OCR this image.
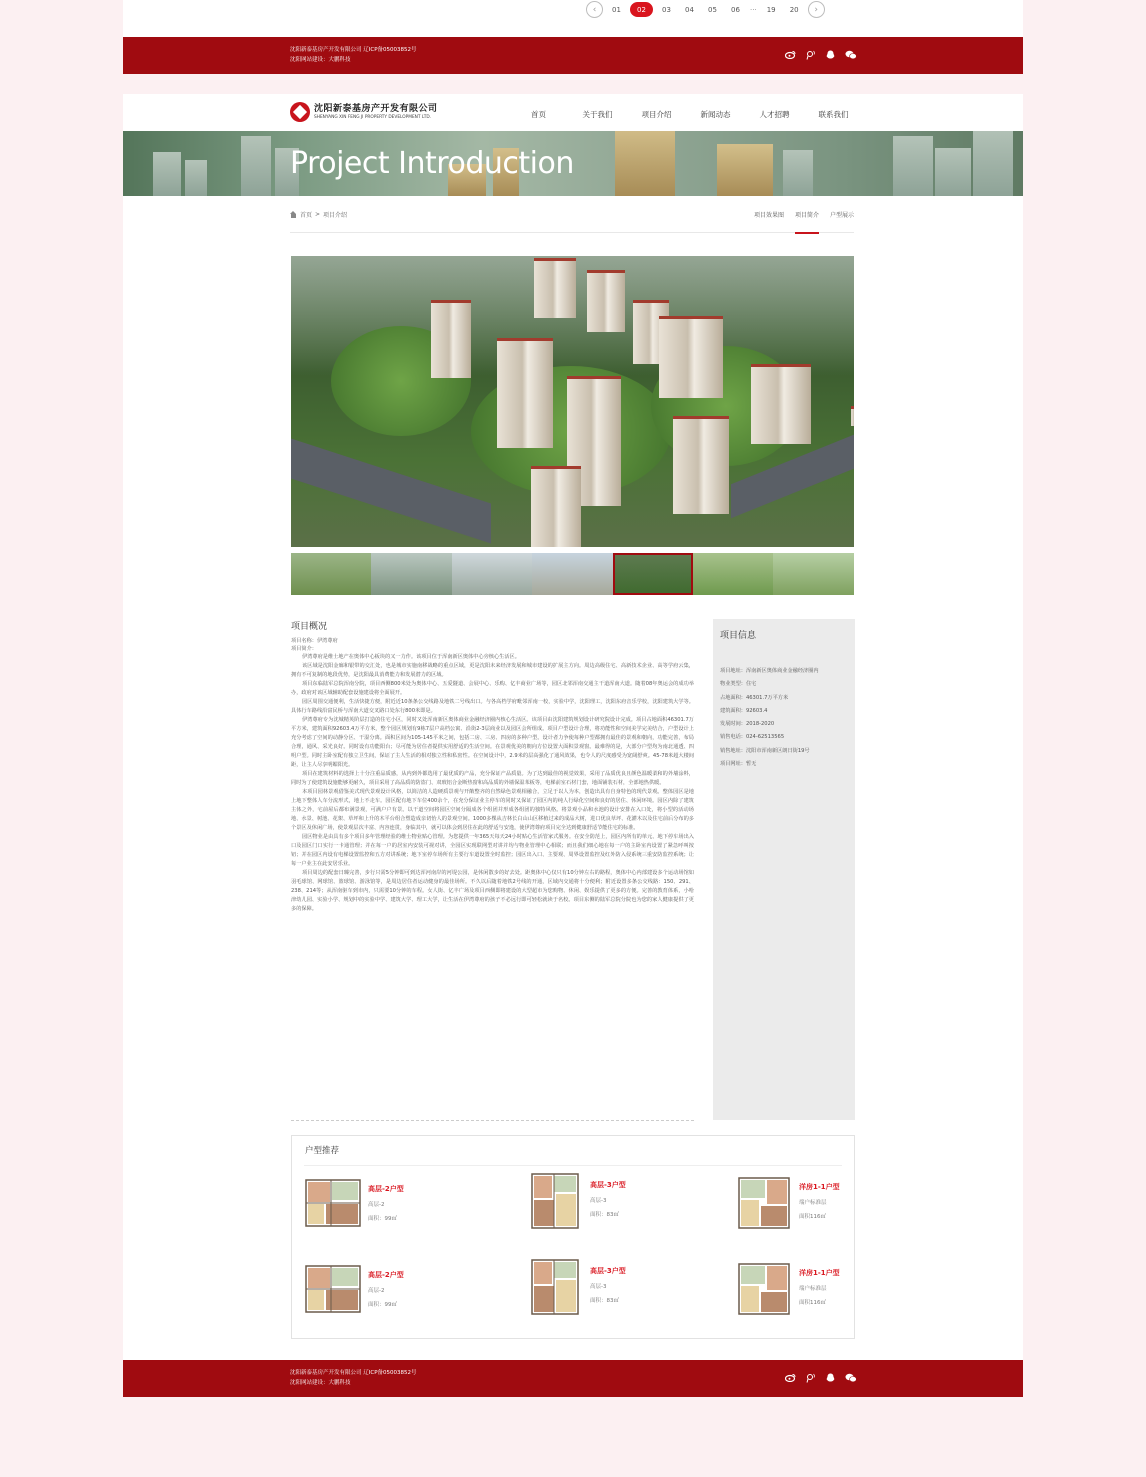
‹	01	02	03	04	05	06	···	19	20	›
沈阳新泰基房产开发有限公司 辽ICP备05003852号
沈阳网站建设：大鹏科技
沈阳新泰基房产开发有限公司
SHENYANG XIN FENG JI PROPERTY DEVELOPMENT LTD.	首页	关于我们	项目介绍	新闻动态	人才招聘	联系我们
Project Introduction
首页 > 项目介绍	项目效果图 项目简介 户型展示
项目概况
项目名称：伊湾尊府
项目简介：
伊湾尊府是维士地产在奥体中心板块的又一力作。该项目位于浑南新区奥体中心旁核心生活区。
该区域是沈阳金廊和银带的交汇处，也是城市实施南移战略的重点区域，更是沈阳未来经济发展和城市建设的扩展主方向。周边高级住宅、高新技术企业、高等学府云集，拥有不可复制的地段优势，是沈阳最具消费能力和发展潜力的区域。
项目东临陆军总院浑南分院，项目西侧800米处为奥体中心、五爱隧道、会展中心、乐购、亿丰商业广场等，园区北邻浑南交通主干道浑南大道。随着08年奥运会的成功举办，政府对该区域辅助配套设施建设将全面展开。
园区周围交通便利，生活快捷方便，附近近10条条公交线路及地铁二号线出口。与各高档学府毗邻浑南一校，实验中学，沈阳理工，沈阳东府音乐学校，沈阳建筑大学等。具体行车路线沿富民桥与浑南大道交叉路口处东行800米即是。
伊湾尊府专为沈城精英阶层打造的住宅小区，同时又处浑南新区奥体商业金融经济圈内核心生活区。该项目由沈阳建筑规划设计研究院设计完成。项目占地面积46301.7万平方米，建筑面积92603.4万平方米，整个园区规划有9栋7层户高档公寓、沿街2-3层商业以及园区会所组成。项目户型设计合理，将功能性和空间美学完美结合，户型设计上充分考虑了空间的动静分区、干湿分离。面积区间为105-145平米之间，包括二房、三房、四房的多种户型。设计者力争使每种户型都拥有最佳的景观和朝向，功能完善，布局合理，通风、采光良好。同时设有功能阳台；尽可能为居住者提供实用舒适的生活空间。在景观优美的朝向方位设置大面积景观窗。最难得的是，大部分户型均为南北通透、四明户型。同时主卧室配有独立卫生间，保证了主人生活的相对独立性和私密性。在空间设计中，2.9米的层高强化了通风效果，也令人的尺度感受为宽阔舒爽。45-78米超大楼间距，让主人尽享明媚阳光。
项目在建筑材料的选择上十分注重品质感，从内到外都选用了最优质的产品，充分保证产品质量。为了达到最佳的视觉效果，采用了品质优良且颜色温暖柔和的外墙涂料，同时为了使建筑设施能够更耐久，项目采用了高品质的防盗门、双玻铝合金断热窗和高品质的外墙保温苯板等，电梯前室石材门套，地面铺装石材，全部地热供暖。
本项目园林景观借鉴美式现代景观设计风格，以简洁的人造硬质景观与开敞整齐的自然绿色景观相融合，立足于以人为本，创造出具有自身特色的现代景观。整体园区是地上地下整体人车分流形式，地上不走车。园区配有地下车位400余个，在充分保证业主停车的同时又保证了园区内的纯人行绿化空间和良好的居住、休闲环境。园区内除了建筑主体之外，宅前屋后都布满景观，可满户户有景。以干道空间将园区空间分隔成各个组团并形成各组团的独特风格。将景观小品和水池的设计安排在入口处，将小型的活动场地、水景、树池、花架、草坪和上升的木平台组合塑造成亲切怡人的景观空间。1000多棵从吉林长白山山区移植过来的成品大树，进口优良草坪、花灌木以及住宅前后分布的多个景区及休闲广场，使景观层次丰富、内容连贯，身临其中，就可以体会到居住在此的舒适与安逸，使伊湾尊府项目完全达到健康舒适节能住宅的标准。
园区物业是由具有多个项目多年管理经验的维士物业贴心管理。为您提供一年365天每天24小时贴心生活管家式服务。在安全防范上，园区内所有的单元、地下停车场出入口及园区门口实行一卡通管理；并在每一户的居室内安装可视对讲，全园区实现联网型对讲并均与物业管理中心相联；而且我们细心地在每一户的主卧室内设置了紧急呼叫按钮；并在园区内设有电梯设置监控和五方对讲系统；地下室停车场所有主要行车道设置全时监控；园区出入口、主要观、周界设置监控及红外防入侵系统三重安防监控系统；让每一户业主在此安居乐业。
项目周边的配套日臻完善，步行只需5分钟即可到达浑河南岸的河堤公园，是休闲散步的好去处。距奥体中心仅只有10分钟左右的路程，奥体中心内部建设多个运动场馆如羽毛球馆、网球馆、篮球馆、游泳馆等，是周边居住者运动健身的最佳场所。不久以后随着地铁2号线的开通，区域内交通将十分便利；附近设置多条公交线路：150、291、238、214等；从浑南驱车到市内，只需要10分钟的车程。女人街、亿丰广场及项目西侧即将建设的大型超市为您购物、休闲、娱乐提供了更多的方便。完善的教育体系，小哈津幼儿园、实验小学、规划中的实验中学、建筑大学、理工大学，让生活在伊湾尊府的孩子不必远行即可轻松就读于名校。项目东侧的陆军总院分院也为您的家人健康提供了更多的保障。
项目信息
项目地址：浑南新区奥体商业金融经济圈内
物业类型：住宅
占地面积：46301.7万平方米
建筑面积：92603.4
发展时间：2018-2020
销售电话：024-62513565
销售地址：沈阳市浑南新区朗日街19号
项目网址：暂无
户型推荐
高层-2户型
高层-2
面积：99㎡
高层-3户型
高层-3
面积：83㎡
洋房1-1户型
端户标准层
面积116㎡
高层-2户型
高层-2
面积：99㎡
高层-3户型
高层-3
面积：83㎡
洋房1-1户型
端户标准层
面积116㎡
沈阳新泰基房产开发有限公司 辽ICP备05003852号
沈阳网站建设：大鹏科技
